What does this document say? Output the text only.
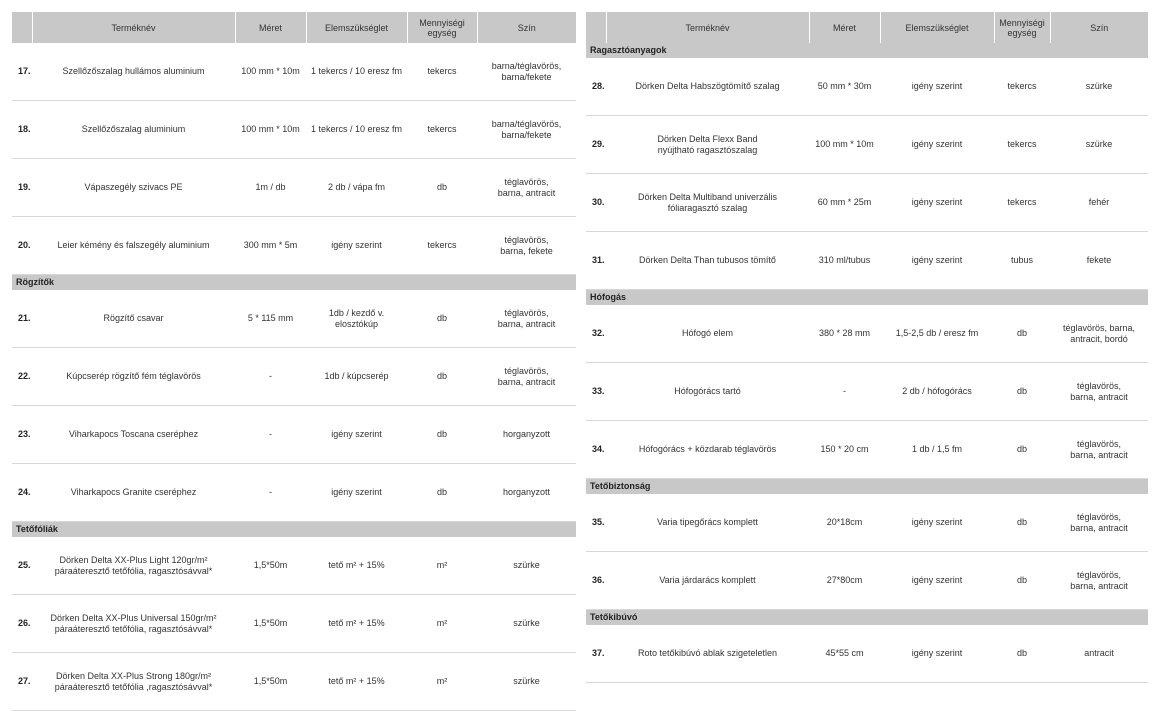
	Terméknév	Méret	Elemszükséglet	Mennyiségi egység	Szín
17.	Szellőzőszalag hullámos aluminium	100 mm * 10m	1 tekercs / 10 eresz fm	tekercs	barna/téglavörös,
barna/fekete
18.	Szellőzőszalag aluminium	100 mm * 10m	1 tekercs / 10 eresz fm	tekercs	barna/téglavörös,
barna/fekete
19.	Vápaszegély szivacs PE	1m / db	2 db / vápa fm	db	téglavörös,
barna, antracit
20.	Leier kémény és falszegély aluminium	300 mm * 5m	igény szerint	tekercs	téglavörös,
barna, fekete
Rögzítők					
21.	Rögzítő csavar	5 * 115 mm	1db / kezdő v. elosztókúp	db	téglavörös,
barna, antracit
22.	Kúpcserép rögzítő fém téglavörös	-	1db / kúpcserép	db	téglavörös,
barna, antracit
23.	Viharkapocs Toscana cseréphez	-	igény szerint	db	horganyzott
24.	Viharkapocs Granite cseréphez	-	igény szerint	db	horganyzott
Tetőfóliák					
25.	Dörken Delta XX-Plus Light 120gr/m²
páraáteresztő tetőfólia, ragasztósávval*	1,5*50m	tető m² + 15%	m²	szürke
26.	Dörken Delta XX-Plus Universal 150gr/m²
páraáteresztő tetőfólia, ragasztósávval*	1,5*50m	tető m² + 15%	m²	szürke
27.	Dörken Delta XX-Plus Strong 180gr/m²
páraáteresztő tetőfólia ,ragasztósávval*	1,5*50m	tető m² + 15%	m²	szürke
	Terméknév	Méret	Elemszükséglet	Mennyiségi egység	Szín
Ragasztóanyagok					
28.	Dörken Delta Habszögtömítő szalag	50 mm * 30m	igény szerint	tekercs	szürke
29.	Dörken Delta Flexx Band
nyújtható ragasztószalag	100 mm * 10m	igény szerint	tekercs	szürke
30.	Dörken Delta Multiband univerzális
fóliaragasztó szalag	60 mm * 25m	igény szerint	tekercs	fehér
31.	Dörken Delta Than tubusos tömítő	310 ml/tubus	igény szerint	tubus	fekete
Hófogás					
32.	Hófogó elem	380 * 28 mm	1,5-2,5 db / eresz fm	db	téglavörös, barna,
antracit, bordó
33.	Hófogórács tartó	-	2 db / hófogórács	db	téglavörös,
barna, antracit
34.	Hófogórács + közdarab téglavörös	150 * 20 cm	1 db / 1,5 fm	db	téglavörös,
barna, antracit
Tetőbiztonság					
35.	Varia tipegőrács komplett	20*18cm	igény szerint	db	téglavörös,
barna, antracit
36.	Varia járdarács komplett	27*80cm	igény szerint	db	téglavörös,
barna, antracit
Tetőkibúvó					
37.	Roto tetőkibúvó ablak szigeteletlen	45*55 cm	igény szerint	db	antracit
